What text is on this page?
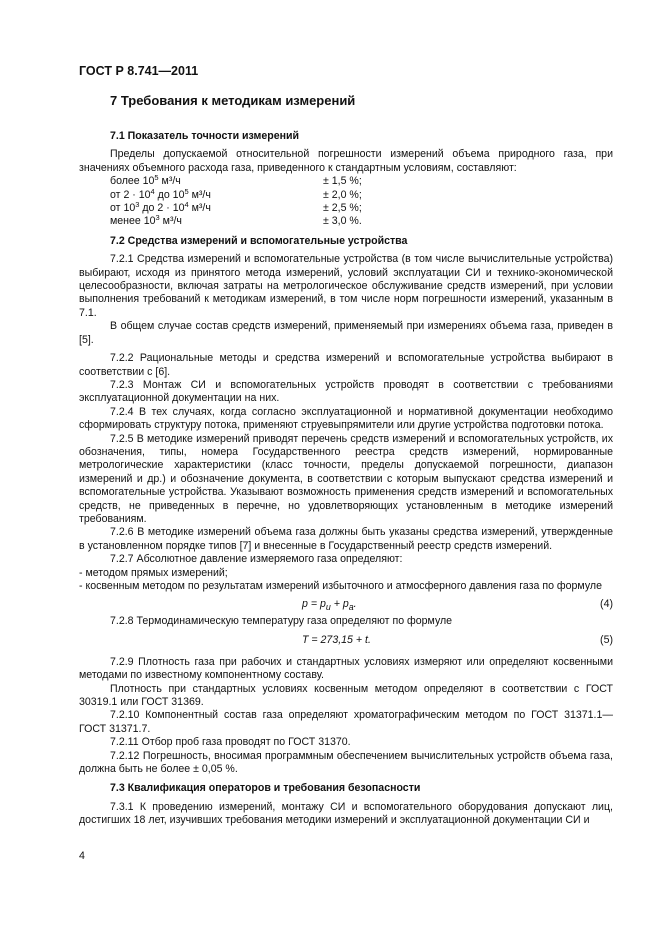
ГОСТ Р 8.741—2011
7 Требования к методикам измерений
7.1 Показатель точности измерений

Пределы допускаемой относительной погрешности измерений объема природного газа, при значениях объемного расхода газа, приведенного к стандартным условиям, составляют:

более $10^5$ м³/ч	± 1,5 %;
от $2 \cdot 10^4$ до $10^5$ м³/ч	± 2,0 %;
от $10^3$ до $2 \cdot 10^4$ м³/ч	± 2,5 %;
менее $10^3$ м³/ч	± 3,0 %.
7.2 Средства измерений и вспомогательные устройства

7.2.1 Средства измерений и вспомогательные устройства (в том числе вычислительные устройства) выбирают, исходя из принятого метода измерений, условий эксплуатации СИ и технико-экономической целесообразности, включая затраты на метрологическое обслуживание средств измерений, при условии выполнения требований к методикам измерений, в том числе норм погрешности измерений, указанным в 7.1.

В общем случае состав средств измерений, применяемый при измерениях объема газа, приведен в [5].

7.2.2 Рациональные методы и средства измерений и вспомогательные устройства выбирают в соответствии с [6].

7.2.3 Монтаж СИ и вспомогательных устройств проводят в соответствии с требованиями эксплуатационной документации на них.

7.2.4 В тех случаях, когда согласно эксплуатационной и нормативной документации необходимо сформировать структуру потока, применяют струевыпрямители или другие устройства подготовки потока.

7.2.5 В методике измерений приводят перечень средств измерений и вспомогательных устройств, их обозначения, типы, номера Государственного реестра средств измерений, нормированные метрологические характеристики (класс точности, пределы допускаемой погрешности, диапазон измерений и др.) и обозначение документа, в соответствии с которым выпускают средства измерений и вспомогательные устройства. Указывают возможность применения средств измерений и вспомогательных средств, не приведенных в перечне, но удовлетворяющих установленным в методике измерений требованиям.

7.2.6 В методике измерений объема газа должны быть указаны средства измерений, утвержденные в установленном порядке типов [7] и внесенные в Государственный реестр средств измерений.

7.2.7 Абсолютное давление измеряемого газа определяют:

- методом прямых измерений;

- косвенным методом по результатам измерений избыточного и атмосферного давления газа по формуле

$p = p_и + p_а$.	(4)

7.2.8 Термодинамическую температуру газа определяют по формуле

T = 273,15 + t.	(5)

7.2.9 Плотность газа при рабочих и стандартных условиях измеряют или определяют косвенными методами по известному компонентному составу.

Плотность при стандартных условиях косвенным методом определяют в соответствии с ГОСТ 30319.1 или ГОСТ 31369.

7.2.10 Компонентный состав газа определяют хроматографическим методом по ГОСТ 31371.1—ГОСТ 31371.7.

7.2.11 Отбор проб газа проводят по ГОСТ 31370.

7.2.12 Погрешность, вносимая программным обеспечением вычислительных устройств объема газа, должна быть не более ± 0,05 %.

7.3 Квалификация операторов и требования безопасности

7.3.1 К проведению измерений, монтажу СИ и вспомогательного оборудования допускают лиц, достигших 18 лет, изучивших требования методики измерений и эксплуатационной документации СИ и

4
